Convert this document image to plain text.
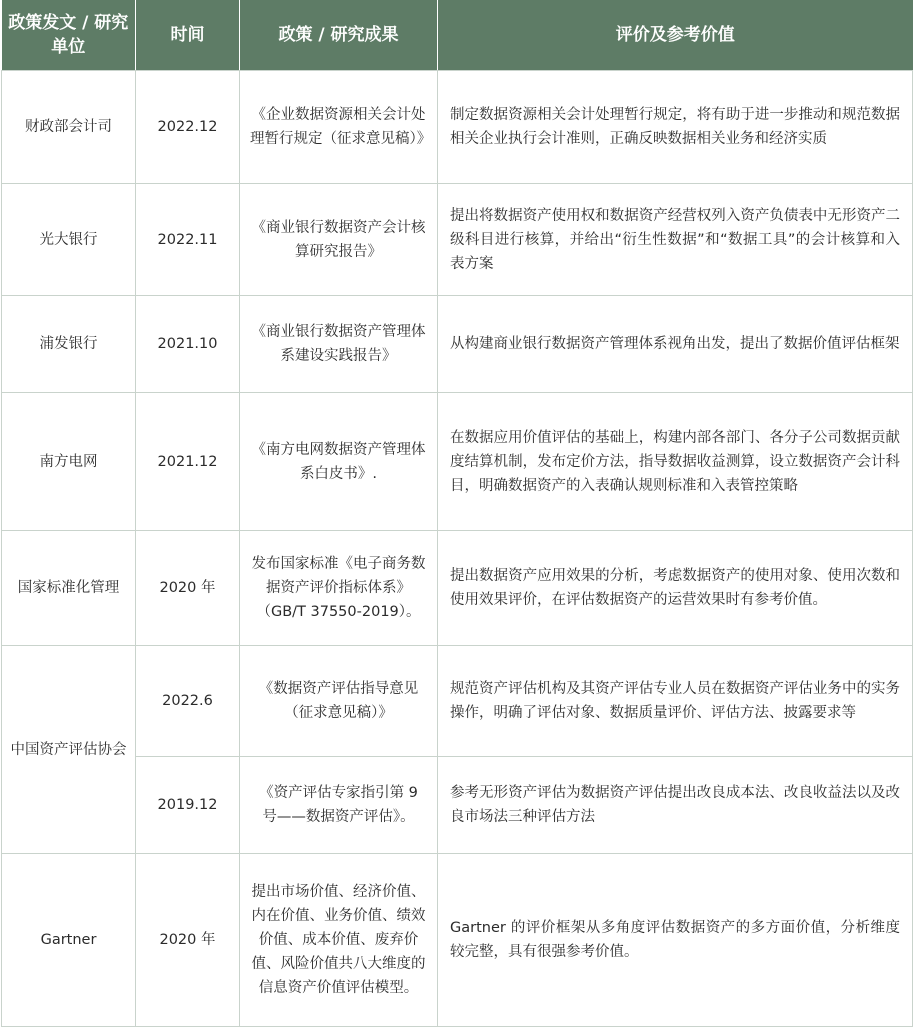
政策发文 / 研究单位	时间	政策 / 研究成果	评价及参考价值
财政部会计司	2022.12	《企业数据资源相关会计处理暂行规定（征求意见稿）》	制定数据资源相关会计处理暂行规定，将有助于进一步推动和规范数据相关企业执行会计准则，正确反映数据相关业务和经济实质
光大银行	2022.11	《商业银行数据资产会计核算研究报告》	提出将数据资产使用权和数据资产经营权列入资产负债表中无形资产二级科目进行核算，并给出“衍生性数据”和“数据工具”的会计核算和入表方案
浦发银行	2021.10	《商业银行数据资产管理体系建设实践报告》	从构建商业银行数据资产管理体系视角出发，提出了数据价值评估框架
南方电网	2021.12	《南方电网数据资产管理体系白皮书》.	在数据应用价值评估的基础上，构建内部各部门、各分子公司数据贡献度结算机制，发布定价方法，指导数据收益测算，设立数据资产会计科目，明确数据资产的入表确认规则标准和入表管控策略
国家标准化管理	2020 年	发布国家标准《电子商务数据资产评价指标体系》（GB/T 37550-2019）。	提出数据资产应用效果的分析，考虑数据资产的使用对象、使用次数和使用效果评价，在评估数据资产的运营效果时有参考价值。
中国资产评估协会	2022.6	《数据资产评估指导意见（征求意见稿）》	规范资产评估机构及其资产评估专业人员在数据资产评估业务中的实务操作，明确了评估对象、数据质量评价、评估方法、披露要求等
	2019.12	《资产评估专家指引第 9 号——数据资产评估》。	参考无形资产评估为数据资产评估提出改良成本法、改良收益法以及改良市场法三种评估方法
Gartner	2020 年	提出市场价值、经济价值、内在价值、业务价值、绩效价值、成本价值、废弃价值、风险价值共八大维度的信息资产价值评估模型。	Gartner 的评价框架从多角度评估数据资产的多方面价值，分析维度较完整，具有很强参考价值。
